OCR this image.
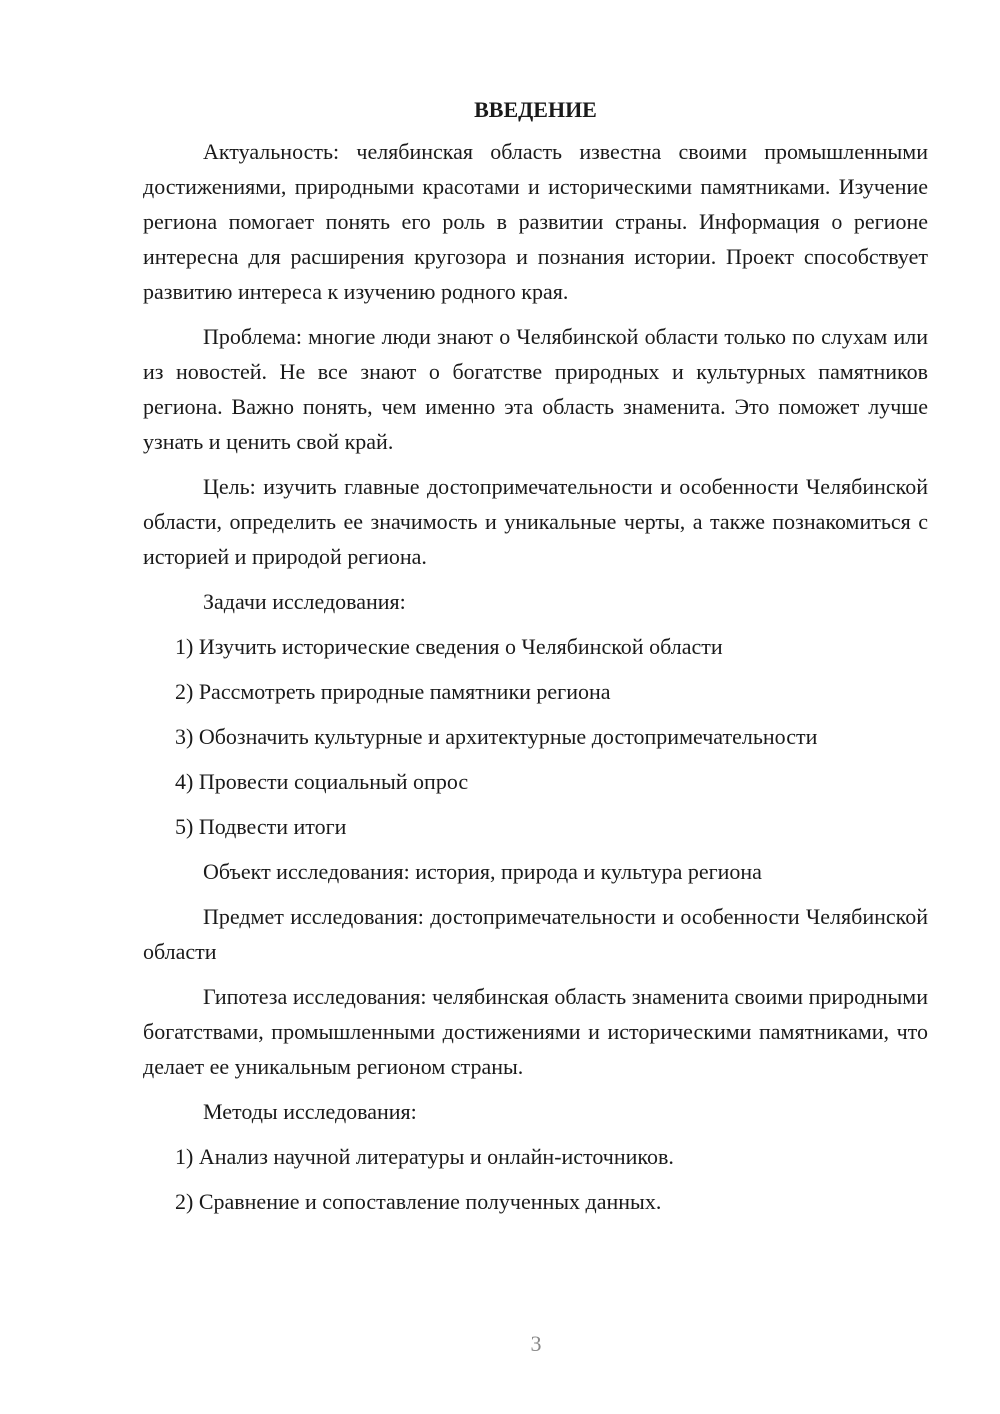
ВВЕДЕНИЕ

Актуальность: челябинская область известна своими промышленными достижениями, природными красотами и историческими памятниками. Изучение региона помогает понять его роль в развитии страны. Информация о регионе интересна для расширения кругозора и познания истории. Проект способствует развитию интереса к изучению родного края.

Проблема: многие люди знают о Челябинской области только по слухам или из новостей. Не все знают о богатстве природных и культурных памятников региона. Важно понять, чем именно эта область знаменита. Это поможет лучше узнать и ценить свой край.

Цель: изучить главные достопримечательности и особенности Челябинской области, определить ее значимость и уникальные черты, а также познакомиться с историей и природой региона.

Задачи исследования:

1) Изучить исторические сведения о Челябинской области

2) Рассмотреть природные памятники региона

3) Обозначить культурные и архитектурные достопримечательности

4) Провести социальный опрос

5) Подвести итоги

Объект исследования: история, природа и культура региона

Предмет исследования: достопримечательности и особенности Челябинской области

Гипотеза исследования: челябинская область знаменита своими природными богатствами, промышленными достижениями и историческими памятниками, что делает ее уникальным регионом страны.

Методы исследования:

1) Анализ научной литературы и онлайн-источников.

2) Сравнение и сопоставление полученных данных.

3
